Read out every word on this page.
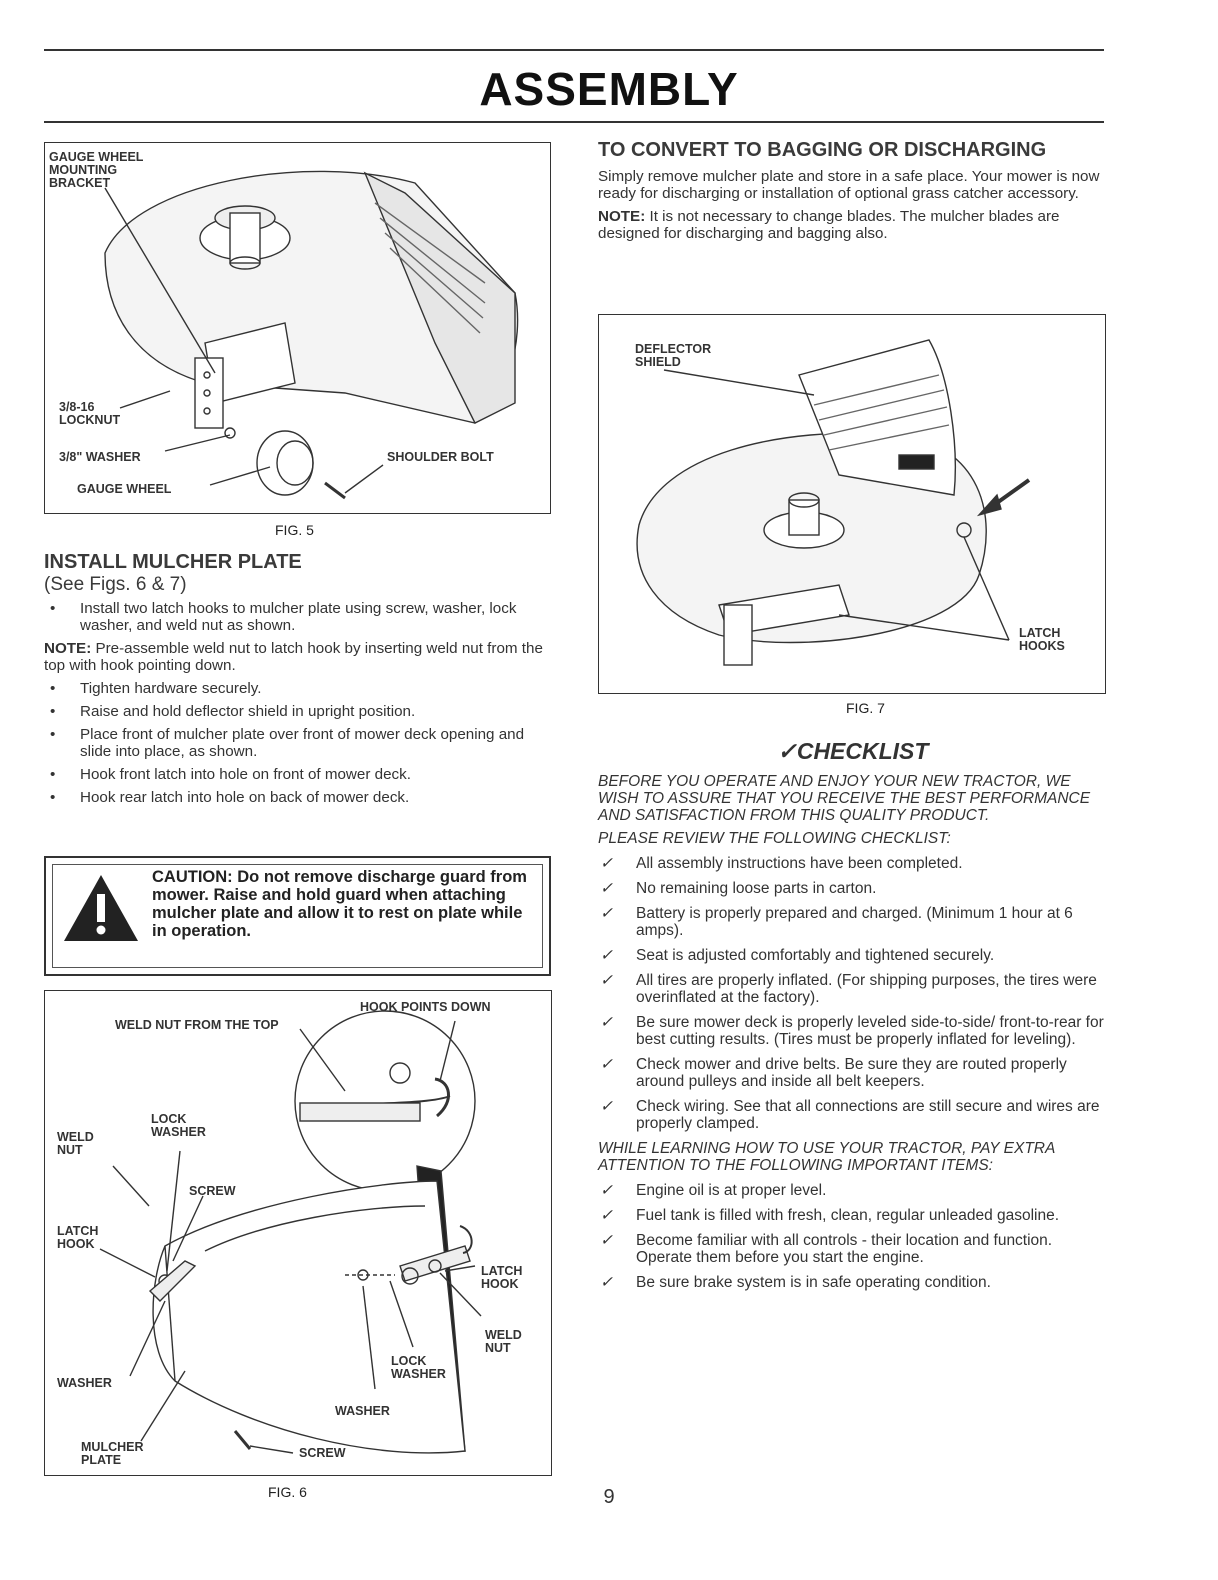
ASSEMBLY
GAUGE WHEEL
MOUNTING
BRACKET
3/8-16
LOCKNUT
3/8" WASHER	SHOULDER BOLT
GAUGE WHEEL
FIG. 5
INSTALL MULCHER PLATE
(See Figs. 6 & 7)
• Install two latch hooks to mulcher plate using screw, washer, lock washer, and weld nut as shown.
NOTE: Pre-assemble weld nut to latch hook by inserting weld nut from the top with hook pointing down.
• Tighten hardware securely.
• Raise and hold deflector shield in upright position.
• Place front of mulcher plate over front of mower deck opening and slide into place, as shown.
• Hook front latch into hole on front of mower deck.
• Hook rear latch into hole on back of mower deck.
CAUTION: Do not remove discharge guard from mower. Raise and hold guard when attaching mulcher plate and allow it to rest on plate while in operation.
HOOK POINTS DOWN
WELD NUT FROM THE TOP
LOCK
WASHER
WELD
NUT
SCREW
LATCH
HOOK
LATCH
HOOK
WELD
NUT
LOCK
WASHER
WASHER
WASHER
MULCHER
PLATE
SCREW
FIG. 6
TO CONVERT TO BAGGING OR DISCHARGING
Simply remove mulcher plate and store in a safe place. Your mower is now ready for discharging or installation of optional grass catcher accessory.
NOTE: It is not necessary to change blades. The mulcher blades are designed for discharging and bagging also.
DEFLECTOR
SHIELD
LATCH
HOOKS
FIG. 7
✓CHECKLIST
BEFORE YOU OPERATE AND ENJOY YOUR NEW TRACTOR, WE WISH TO ASSURE THAT YOU RECEIVE THE BEST PERFORMANCE AND SATISFACTION FROM THIS QUALITY PRODUCT.
PLEASE REVIEW THE FOLLOWING CHECKLIST:
✓ All assembly instructions have been completed.
✓ No remaining loose parts in carton.
✓ Battery is properly prepared and charged. (Minimum 1 hour at 6 amps).
✓ Seat is adjusted comfortably and tightened securely.
✓ All tires are properly inflated. (For shipping purposes, the tires were overinflated at the factory).
✓ Be sure mower deck is properly leveled side-to-side/ front-to-rear for best cutting results. (Tires must be properly inflated for leveling).
✓ Check mower and drive belts. Be sure they are routed properly around pulleys and inside all belt keepers.
✓ Check wiring. See that all connections are still secure and wires are properly clamped.
WHILE LEARNING HOW TO USE YOUR TRACTOR, PAY EXTRA ATTENTION TO THE FOLLOWING IMPORTANT ITEMS:
✓ Engine oil is at proper level.
✓ Fuel tank is filled with fresh, clean, regular unleaded gasoline.
✓ Become familiar with all controls - their location and function. Operate them before you start the engine.
✓ Be sure brake system is in safe operating condition.
9
